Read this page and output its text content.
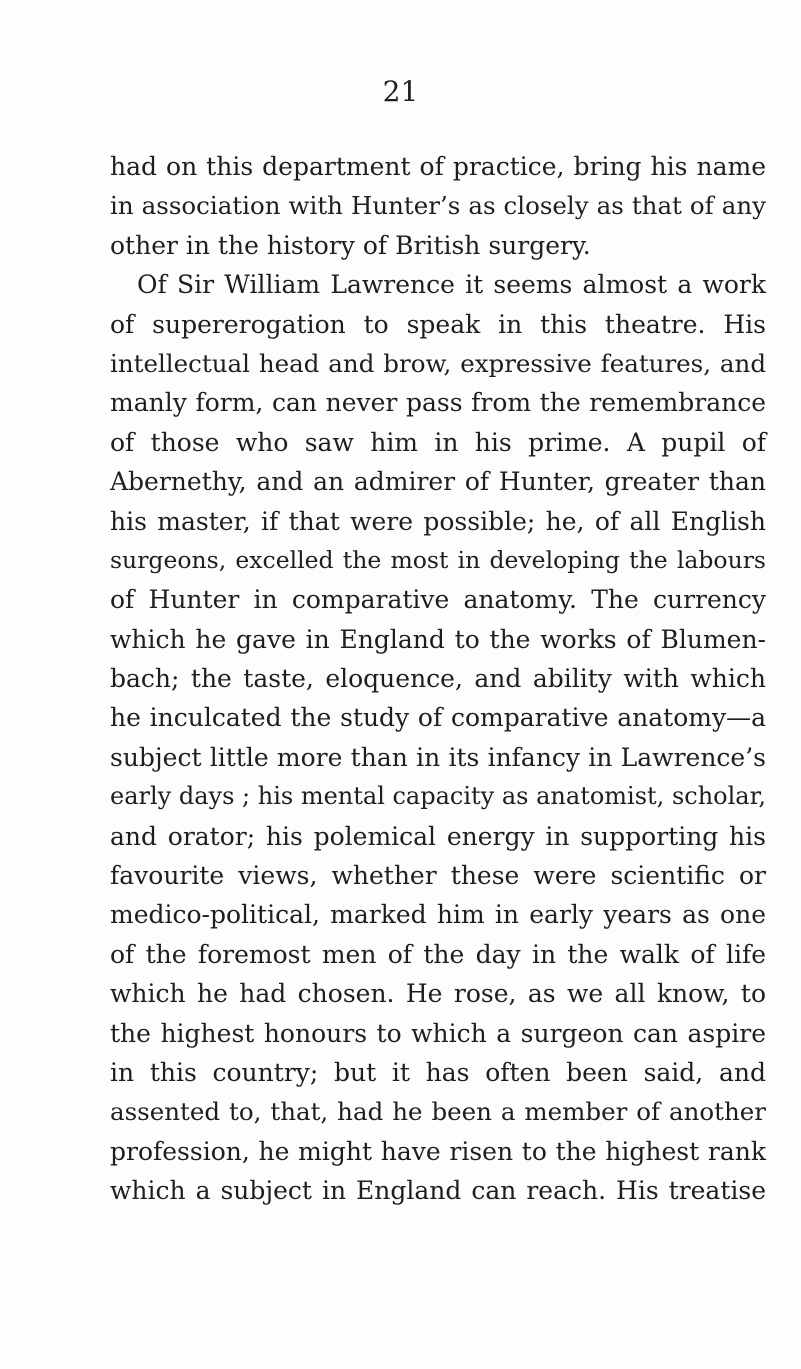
21
had on this department of practice, bring his name
in association with Hunter’s as closely as that of any
other in the history of British surgery.
Of Sir William Lawrence it seems almost a work
of supererogation to speak in this theatre. His
intellectual head and brow, expressive features, and
manly form, can never pass from the remembrance
of those who saw him in his prime. A pupil of
Abernethy, and an admirer of Hunter, greater than
his master, if that were possible; he, of all English
surgeons, excelled the most in developing the labours
of Hunter in comparative anatomy. The currency
which he gave in England to the works of Blumen-
bach; the taste, eloquence, and ability with which
he inculcated the study of comparative anatomy—a
subject little more than in its infancy in Lawrence’s
early days ; his mental capacity as anatomist, scholar,
and orator; his polemical energy in supporting his
favourite views, whether these were scientific or
medico-political, marked him in early years as one
of the foremost men of the day in the walk of life
which he had chosen. He rose, as we all know, to
the highest honours to which a surgeon can aspire
in this country; but it has often been said, and
assented to, that, had he been a member of another
profession, he might have risen to the highest rank
which a subject in England can reach. His treatise
